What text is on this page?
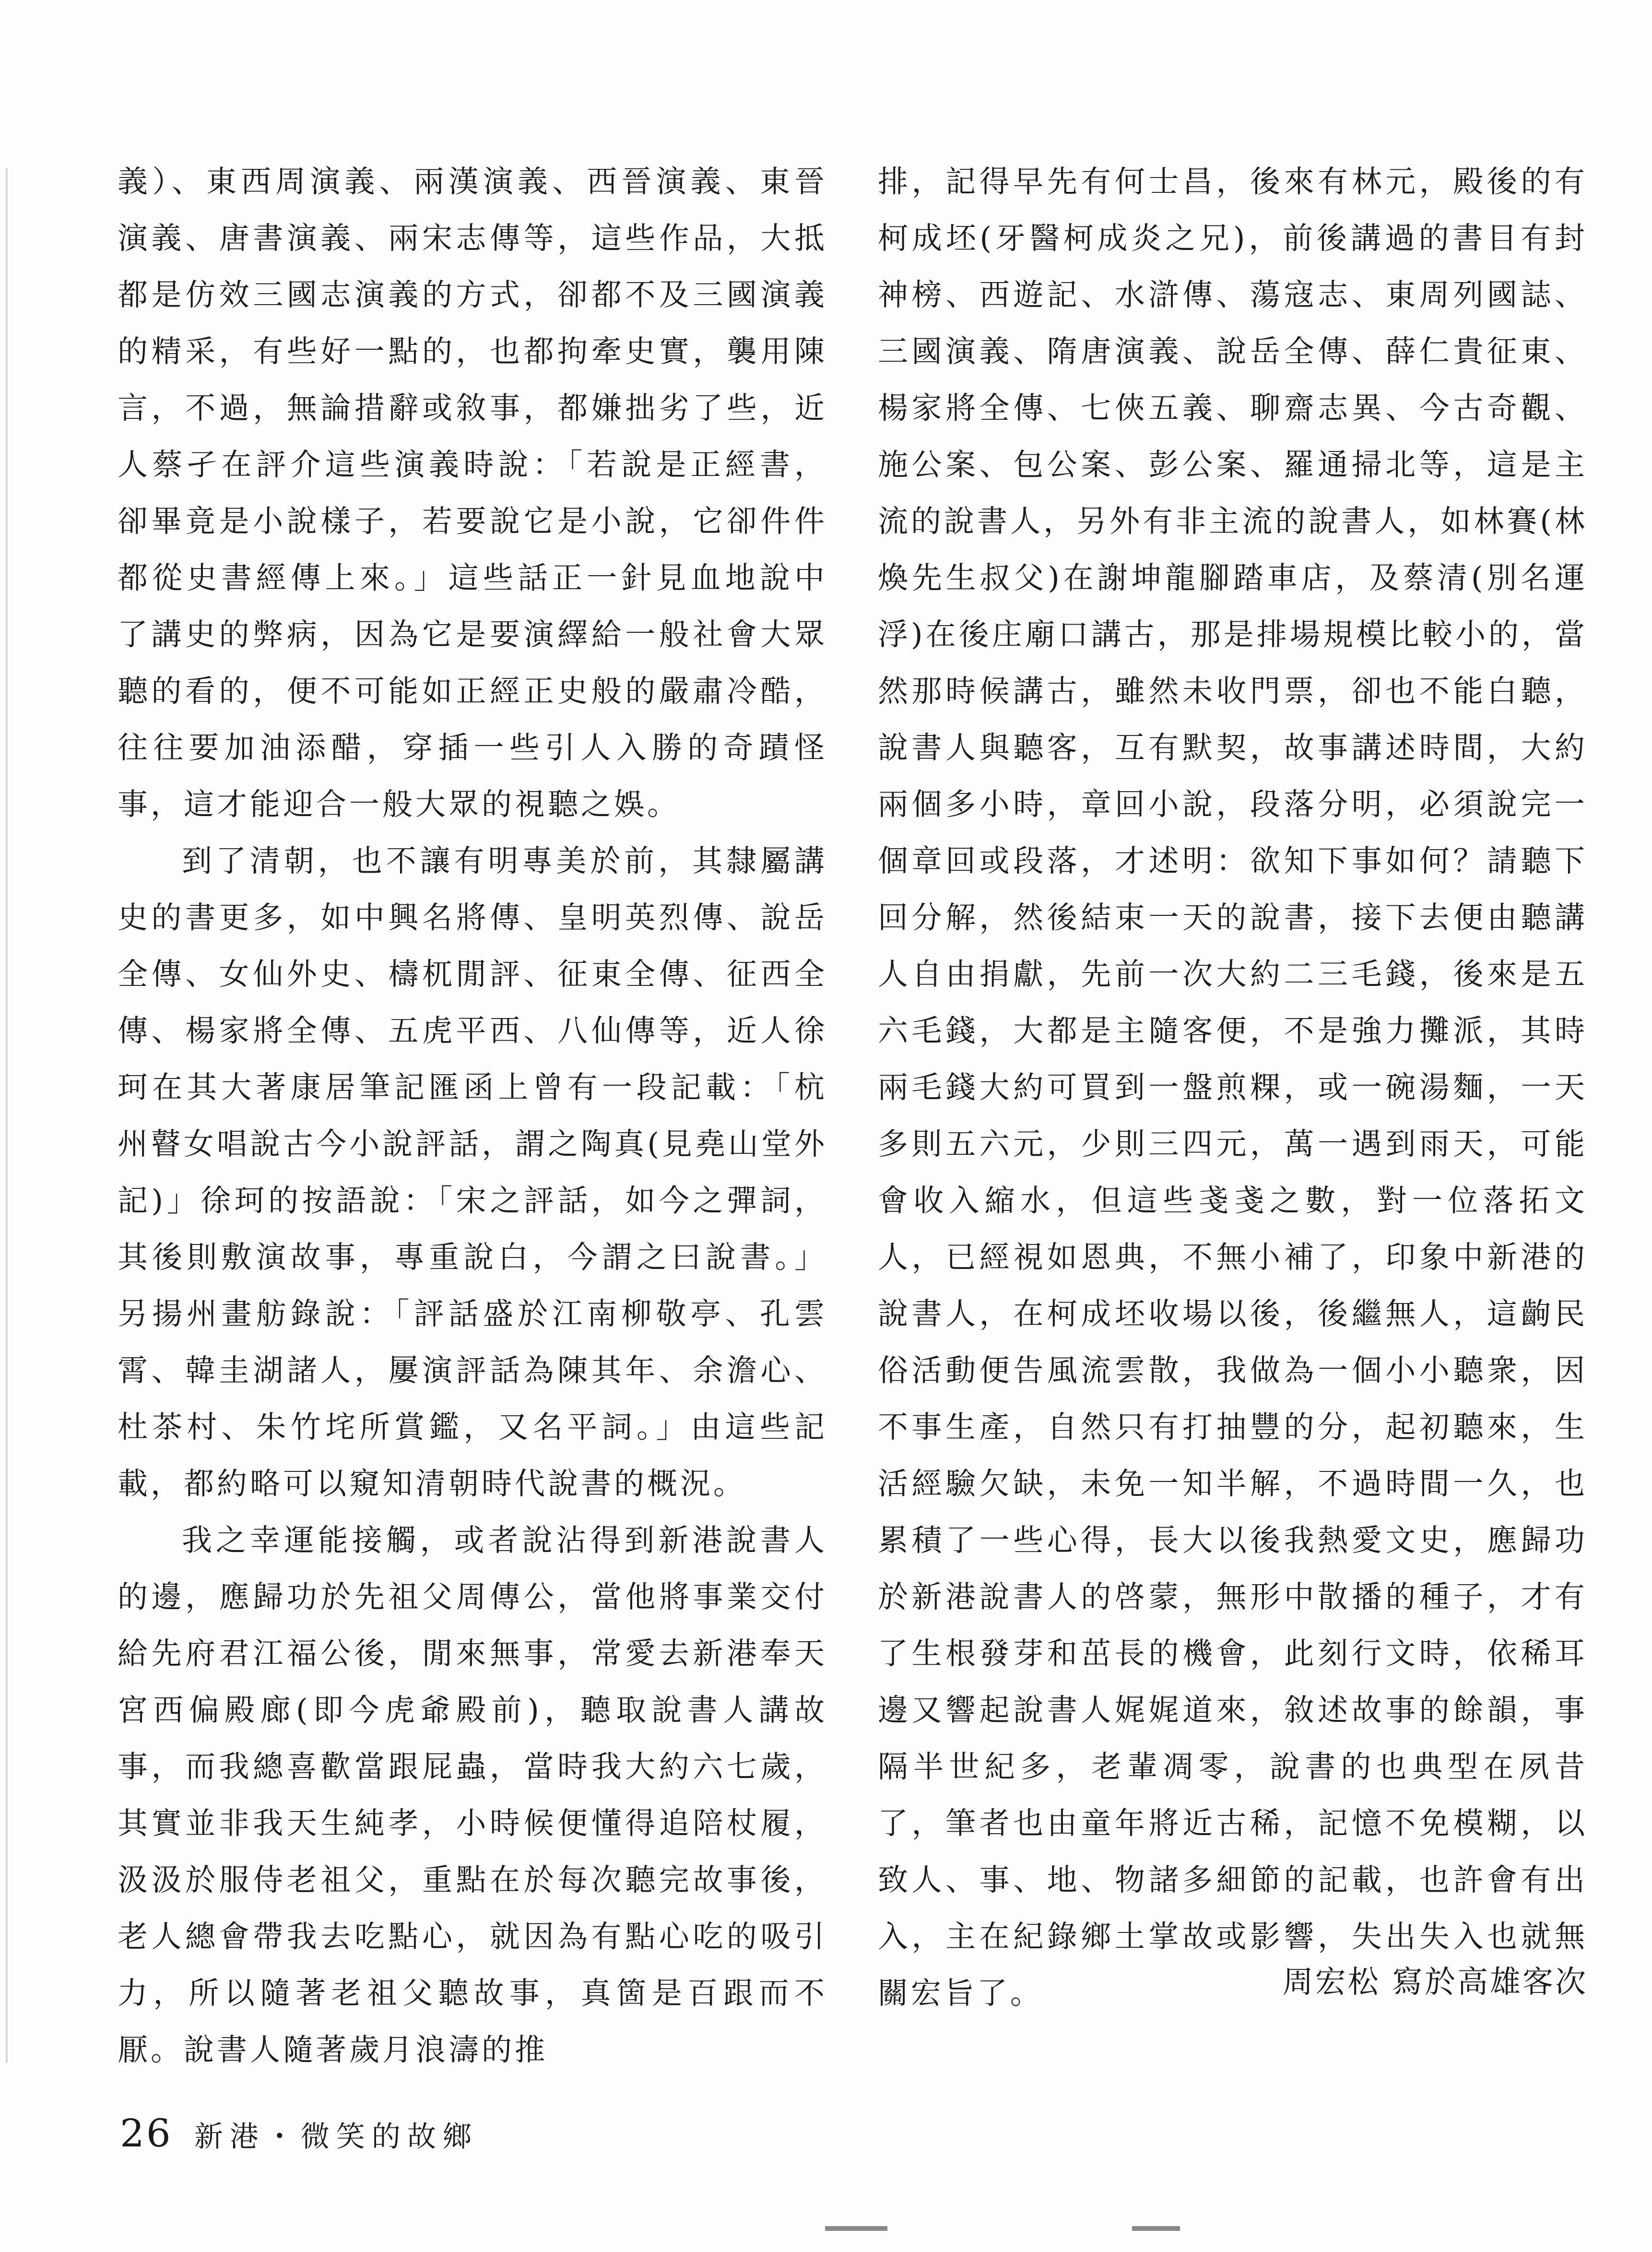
義）、東西周演義、兩漢演義、西晉演義、東晉演義、唐書演義、兩宋志傳等，這些作品，大抵都是仿效三國志演義的方式，卻都不及三國演義的精采，有些好一點的，也都拘牽史實，襲用陳言，不過，無論措辭或敘事，都嫌拙劣了些，近人蔡孑在評介這些演義時說：「若說是正經書，卻畢竟是小說樣子，若要說它是小說，它卻件件都從史書經傳上來。」這些話正一針見血地說中了講史的弊病，因為它是要演繹給一般社會大眾聽的看的，便不可能如正經正史般的嚴肅冷酷，往往要加油添醋，穿插一些引人入勝的奇蹟怪事，這才能迎合一般大眾的視聽之娛。

到了清朝，也不讓有明專美於前，其隸屬講史的書更多，如中興名將傳、皇明英烈傳、說岳全傳、女仙外史、檮杌閒評、征東全傳、征西全傳、楊家將全傳、五虎平西、八仙傳等，近人徐珂在其大著康居筆記匯函上曾有一段記載：「杭州瞽女唱說古今小說評話，謂之陶真(見堯山堂外記)」徐珂的按語說：「宋之評話，如今之彈詞，其後則敷演故事，專重說白，今謂之曰說書。」另揚州畫舫錄說：「評話盛於江南柳敬亭、孔雲霄、韓圭湖諸人，屢演評話為陳其年、余澹心、杜茶村、朱竹垞所賞鑑，又名平詞。」由這些記載，都約略可以窺知清朝時代說書的概況。

我之幸運能接觸，或者說沾得到新港說書人的邊，應歸功於先祖父周傳公，當他將事業交付給先府君江福公後，閒來無事，常愛去新港奉天宮西偏殿廊(即今虎爺殿前)，聽取說書人講故事，而我總喜歡當跟屁蟲，當時我大約六七歲，其實並非我天生純孝，小時候便懂得追陪杖履，汲汲於服侍老祖父，重點在於每次聽完故事後，老人總會帶我去吃點心，就因為有點心吃的吸引力，所以隨著老祖父聽故事，真箇是百跟而不厭。說書人隨著歲月浪濤的推

排，記得早先有何士昌，後來有林元，殿後的有柯成坯(牙醫柯成炎之兄)，前後講過的書目有封神榜、西遊記、水滸傳、蕩寇志、東周列國誌、三國演義、隋唐演義、說岳全傳、薛仁貴征東、楊家將全傳、七俠五義、聊齋志異、今古奇觀、施公案、包公案、彭公案、羅通掃北等，這是主流的說書人，另外有非主流的說書人，如林賽(林煥先生叔父)在謝坤龍腳踏車店，及蔡清(別名運浮)在後庄廟口講古，那是排場規模比較小的，當然那時候講古，雖然未收門票，卻也不能白聽，說書人與聽客，互有默契，故事講述時間，大約兩個多小時，章回小說，段落分明，必須說完一個章回或段落，才述明：欲知下事如何？請聽下回分解，然後結束一天的說書，接下去便由聽講人自由捐獻，先前一次大約二三毛錢，後來是五六毛錢，大都是主隨客便，不是強力攤派，其時兩毛錢大約可買到一盤煎粿，或一碗湯麵，一天多則五六元，少則三四元，萬一遇到雨天，可能會收入縮水，但這些戔戔之數，對一位落拓文人，已經視如恩典，不無小補了，印象中新港的說書人，在柯成坯收場以後，後繼無人，這齣民俗活動便告風流雲散，我做為一個小小聽衆，因不事生產，自然只有打抽豐的分，起初聽來，生活經驗欠缺，未免一知半解，不過時間一久，也累積了一些心得，長大以後我熱愛文史，應歸功於新港說書人的啓蒙，無形中散播的種子，才有了生根發芽和茁長的機會，此刻行文時，依稀耳邊又響起說書人娓娓道來，敘述故事的餘韻，事隔半世紀多，老輩凋零，說書的也典型在夙昔了，筆者也由童年將近古稀，記憶不免模糊，以致人、事、地、物諸多細節的記載，也許會有出入，主在紀錄鄉土掌故或影響，失出失入也就無關宏旨了。	周宏松 寫於高雄客次
26 新港・微笑的故鄉
